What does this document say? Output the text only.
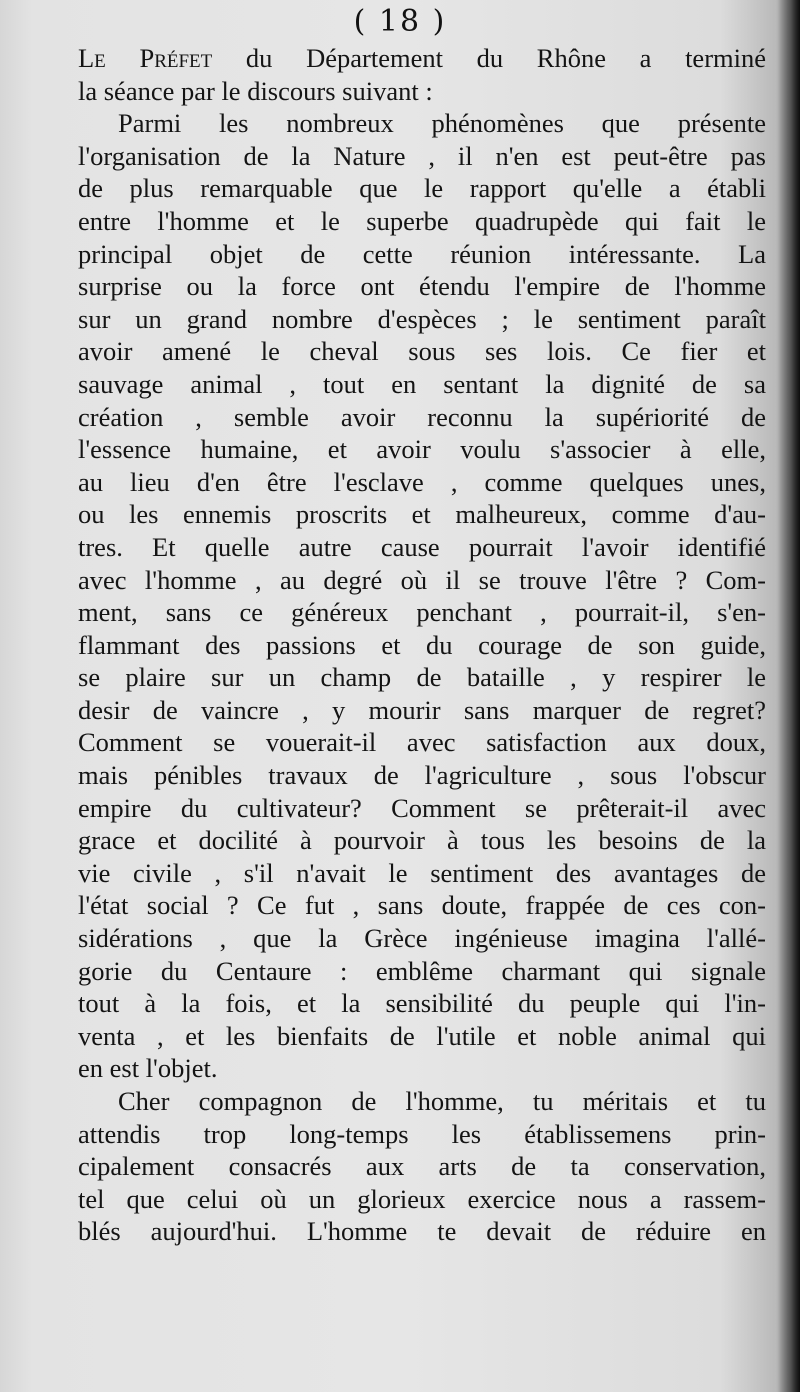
( 18 )

Le Préfet du Département du Rhône a terminé
la séance par le discours suivant :

Parmi les nombreux phénomènes que présente
l'organisation de la Nature , il n'en est peut-être pas
de plus remarquable que le rapport qu'elle a établi
entre l'homme et le superbe quadrupède qui fait le
principal objet de cette réunion intéressante. La
surprise ou la force ont étendu l'empire de l'homme
sur un grand nombre d'espèces ; le sentiment paraît
avoir amené le cheval sous ses lois. Ce fier et
sauvage animal , tout en sentant la dignité de sa
création , semble avoir reconnu la supériorité de
l'essence humaine, et avoir voulu s'associer à elle,
au lieu d'en être l'esclave , comme quelques unes,
ou les ennemis proscrits et malheureux, comme d'au-
tres. Et quelle autre cause pourrait l'avoir identifié
avec l'homme , au degré où il se trouve l'être ? Com-
ment, sans ce généreux penchant , pourrait-il, s'en-
flammant des passions et du courage de son guide,
se plaire sur un champ de bataille , y respirer le
desir de vaincre , y mourir sans marquer de regret?
Comment se vouerait-il avec satisfaction aux doux,
mais pénibles travaux de l'agriculture , sous l'obscur
empire du cultivateur? Comment se prêterait-il avec
grace et docilité à pourvoir à tous les besoins de la
vie civile , s'il n'avait le sentiment des avantages de
l'état social ? Ce fut , sans doute, frappée de ces con-
sidérations , que la Grèce ingénieuse imagina l'allé-
gorie du Centaure : emblême charmant qui signale
tout à la fois, et la sensibilité du peuple qui l'in-
venta , et les bienfaits de l'utile et noble animal qui
en est l'objet.

Cher compagnon de l'homme, tu méritais et tu
attendis trop long-temps les établissemens prin-
cipalement consacrés aux arts de ta conservation,
tel que celui où un glorieux exercice nous a rassem-
blés aujourd'hui. L'homme te devait de réduire en
